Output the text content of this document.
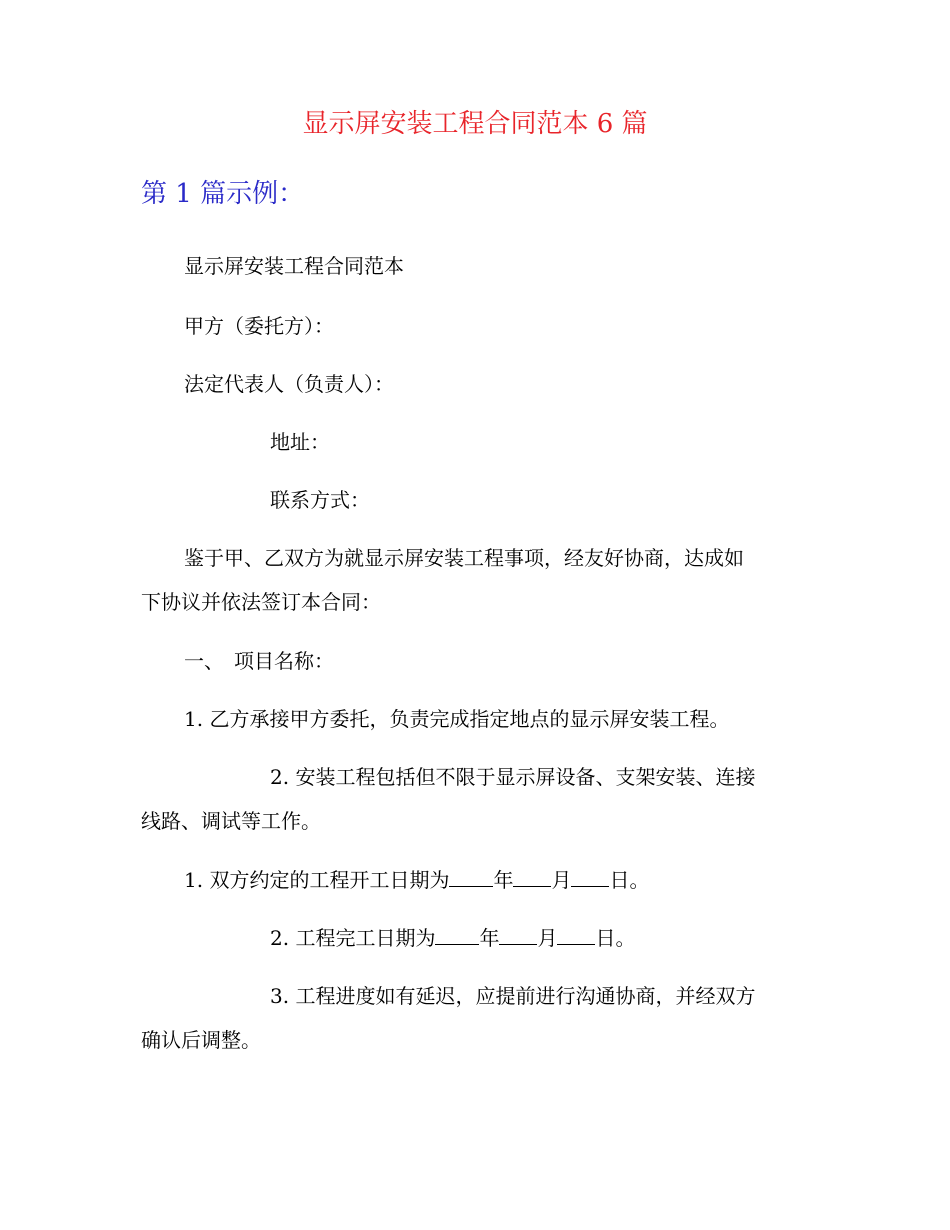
显示屏安装工程合同范本 6 篇
第 1 篇示例：

显示屏安装工程合同范本

甲方（委托方）：

法定代表人（负责人）：

地址：

联系方式：

鉴于甲、乙双方为就显示屏安装工程事项，经友好协商，达成如

下协议并依法签订本合同：

一、　项目名称：

1. 乙方承接甲方委托，负责完成指定地点的显示屏安装工程。

2. 安装工程包括但不限于显示屏设备、支架安装、连接

线路、调试等工作。

1. 双方约定的工程开工日期为 年 月 日。

2. 工程完工日期为 年 月 日。

3. 工程进度如有延迟，应提前进行沟通协商，并经双方

确认后调整。
